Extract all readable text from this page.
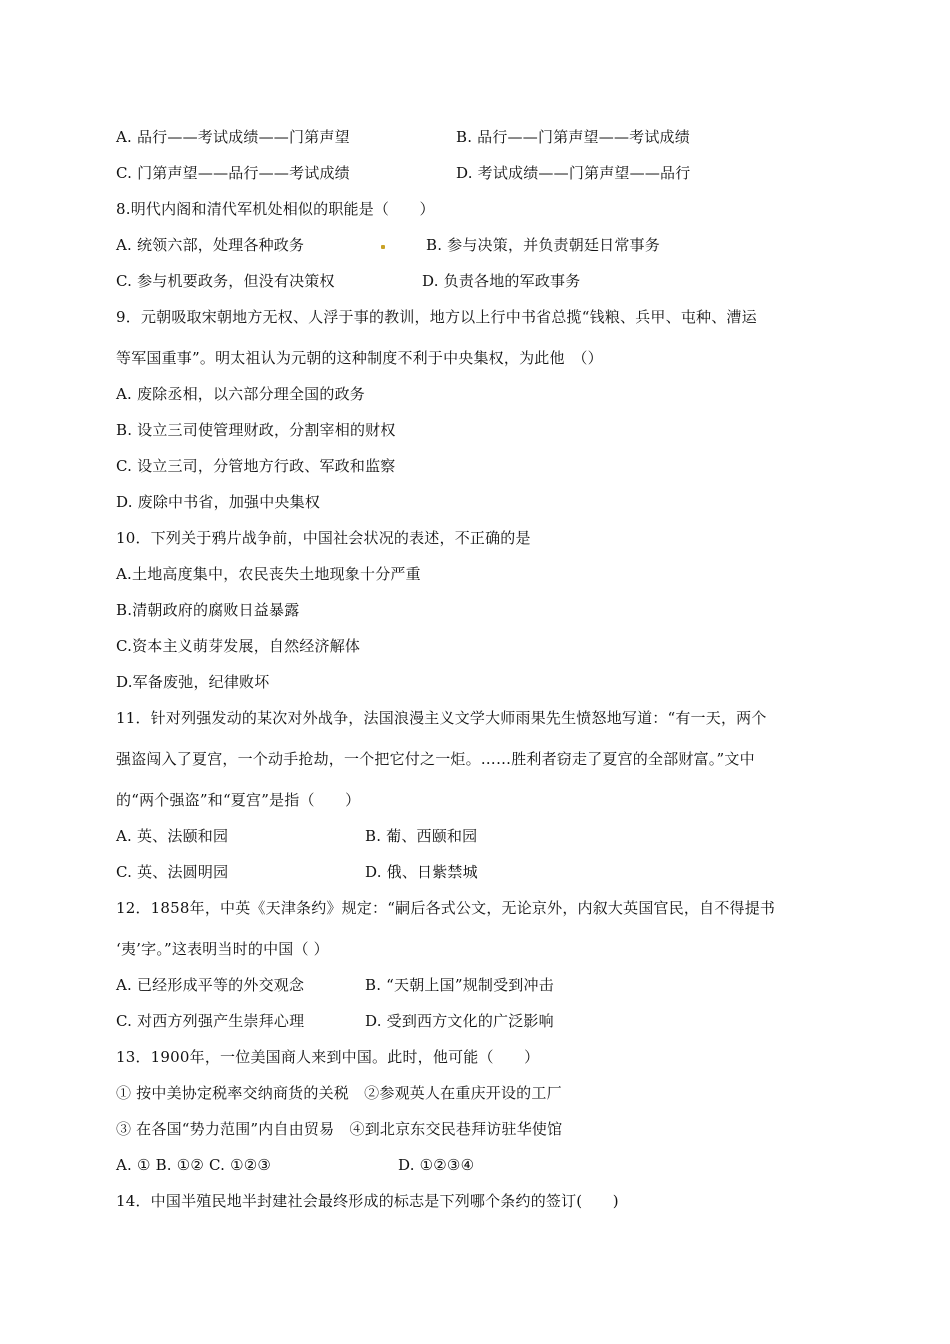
A. 品行——考试成绩——门第声望	B. 品行——门第声望——考试成绩
C. 门第声望——品行——考试成绩	D. 考试成绩——门第声望——品行
8.明代内阁和清代军机处相似的职能是（　　）
A. 统领六部，处理各种政务	B. 参与决策，并负责朝廷日常事务
C. 参与机要政务，但没有决策权	D. 负责各地的军政事务
9．元朝吸取宋朝地方无权、人浮于事的教训，地方以上行中书省总揽“钱粮、兵甲、屯种、漕运
等军国重事”。明太祖认为元朝的这种制度不利于中央集权，为此他　（）
A. 废除丞相，以六部分理全国的政务
B. 设立三司使管理财政，分割宰相的财权
C. 设立三司，分管地方行政、军政和监察
D. 废除中书省，加强中央集权
10．下列关于鸦片战争前，中国社会状况的表述，不正确的是
A.土地高度集中，农民丧失土地现象十分严重
B.清朝政府的腐败日益暴露
C.资本主义萌芽发展，自然经济解体
D.军备废弛，纪律败坏
11．针对列强发动的某次对外战争，法国浪漫主义文学大师雨果先生愤怒地写道：“有一天，两个
强盗闯入了夏宫，一个动手抢劫，一个把它付之一炬。……胜利者窃走了夏宫的全部财富。”文中
的“两个强盗”和“夏宫”是指（　　）
A. 英、法颐和园	B. 葡、西颐和园
C. 英、法圆明园	D. 俄、日紫禁城
12．1858年，中英《天津条约》规定：“嗣后各式公文，无论京外，内叙大英国官民，自不得提书
‘夷’字。”这表明当时的中国（ ）
A. 已经形成平等的外交观念	B. “天朝上国”规制受到冲击
C. 对西方列强产生崇拜心理	D. 受到西方文化的广泛影响
13．1900年，一位美国商人来到中国。此时，他可能（　　）
① 按中美协定税率交纳商货的关税　②参观英人在重庆开设的工厂
③ 在各国“势力范围”内自由贸易　④到北京东交民巷拜访驻华使馆
A. ① B. ①② C. ①②③	D. ①②③④
14．中国半殖民地半封建社会最终形成的标志是下列哪个条约的签订(　　)
